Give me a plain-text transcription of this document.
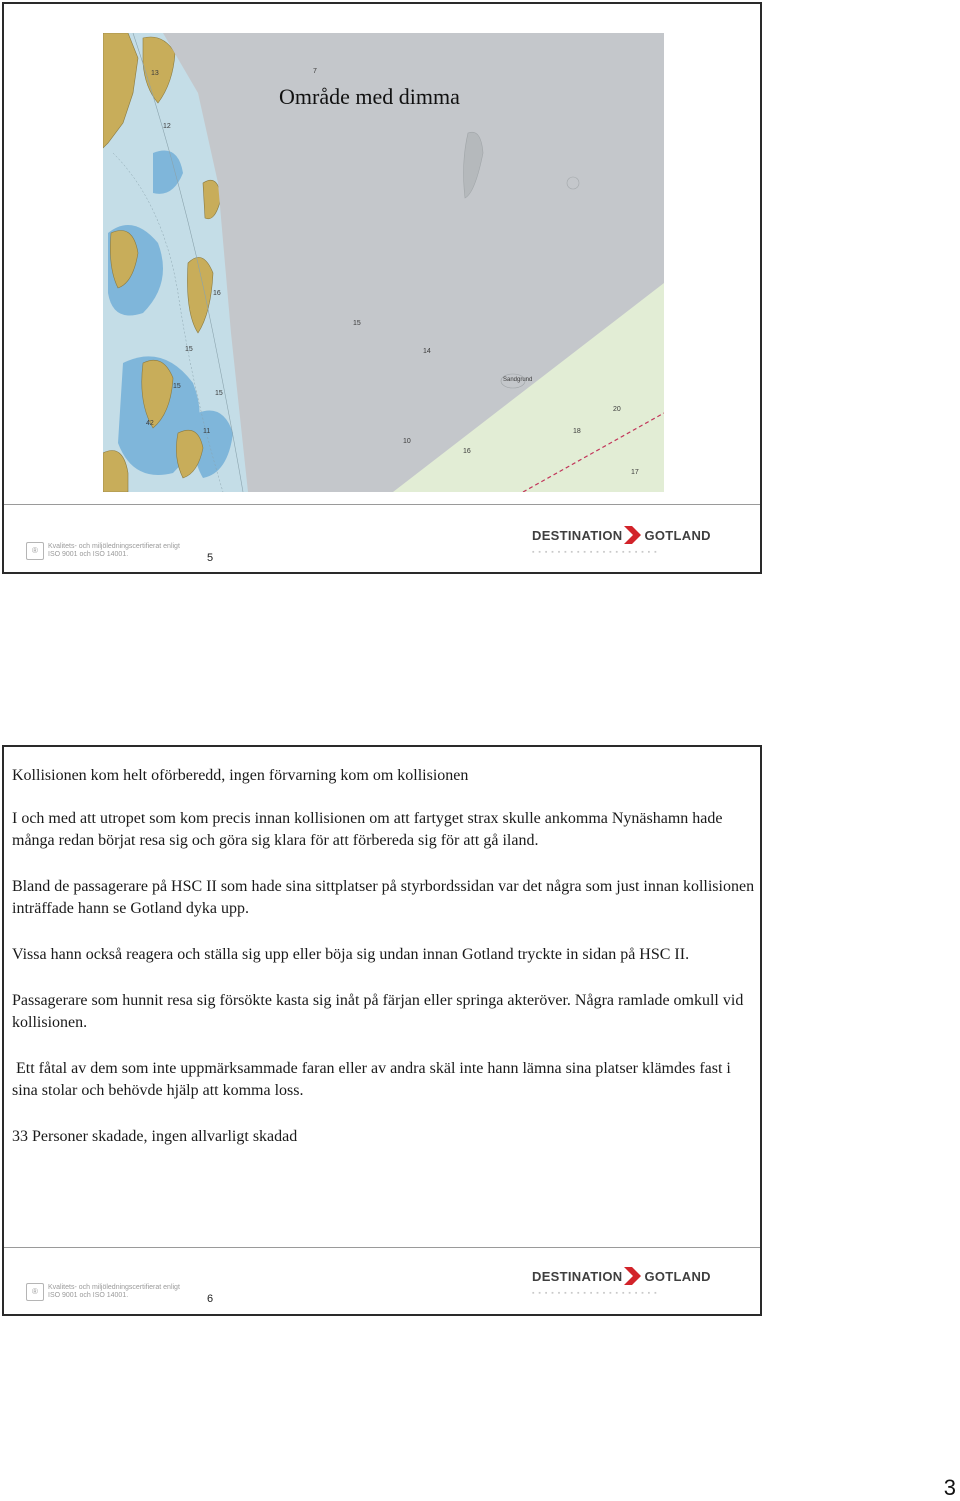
13
12
16
15
15
15
15
14
42
11
10
16
18
20
7
17
Sandgrund
Område med dimma
®	Kvalitets- och miljöledningscertifierat enligt
ISO 9001 och ISO 14001.	5
DESTINATION GOTLAND
▪ ▪ ▪ ▪ ▪ ▪ ▪ ▪ ▪ ▪ ▪ ▪ ▪ ▪ ▪ ▪ ▪ ▪ ▪ ▪

Kollisionen kom helt oförberedd, ingen förvarning kom om kollisionen

I och med att utropet som kom precis innan kollisionen om att fartyget strax skulle ankomma Nynäshamn hade många redan börjat resa sig och göra sig klara för att förbereda sig för att gå iland.

Bland de passagerare på HSC II som hade sina sittplatser på styrbordssidan var det några som just innan kollisionen inträffade hann se Gotland dyka upp.

Vissa hann också reagera och ställa sig upp eller böja sig undan innan Gotland tryckte in sidan på HSC II.

Passagerare som hunnit resa sig försökte kasta sig inåt på färjan eller springa akteröver. Några ramlade omkull vid kollisionen.

Ett fåtal av dem som inte uppmärksammade faran eller av andra skäl inte hann lämna sina platser klämdes fast i sina stolar och behövde hjälp att komma loss.

33 Personer skadade, ingen allvarligt skadad

®	Kvalitets- och miljöledningscertifierat enligt
ISO 9001 och ISO 14001.	6
DESTINATION GOTLAND
▪ ▪ ▪ ▪ ▪ ▪ ▪ ▪ ▪ ▪ ▪ ▪ ▪ ▪ ▪ ▪ ▪ ▪ ▪ ▪
3
